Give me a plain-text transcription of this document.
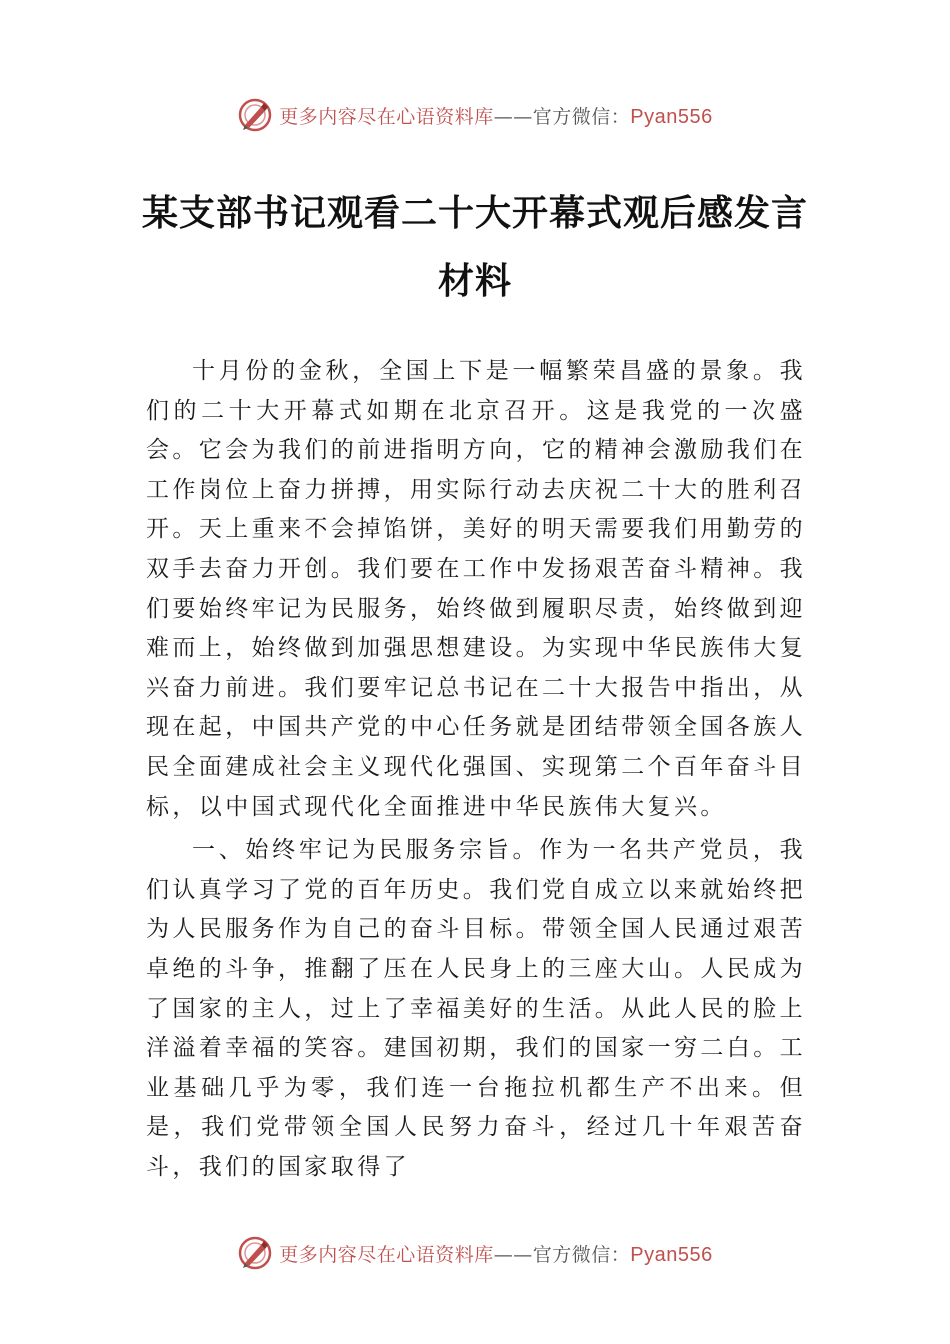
更多内容尽在心语资料库——官方微信：Pyan556
某支部书记观看二十大开幕式观后感发言
材料

十月份的金秋，全国上下是一幅繁荣昌盛的景象。我们的二十大开幕式如期在北京召开。这是我党的一次盛会。它会为我们的前进指明方向，它的精神会激励我们在工作岗位上奋力拼搏，用实际行动去庆祝二十大的胜利召开。天上重来不会掉馅饼，美好的明天需要我们用勤劳的双手去奋力开创。我们要在工作中发扬艰苦奋斗精神。我们要始终牢记为民服务，始终做到履职尽责，始终做到迎难而上，始终做到加强思想建设。为实现中华民族伟大复兴奋力前进。我们要牢记总书记在二十大报告中指出，从现在起，中国共产党的中心任务就是团结带领全国各族人民全面建成社会主义现代化强国、实现第二个百年奋斗目标，以中国式现代化全面推进中华民族伟大复兴。

一、始终牢记为民服务宗旨。作为一名共产党员，我们认真学习了党的百年历史。我们党自成立以来就始终把为人民服务作为自己的奋斗目标。带领全国人民通过艰苦卓绝的斗争，推翻了压在人民身上的三座大山。人民成为了国家的主人，过上了幸福美好的生活。从此人民的脸上洋溢着幸福的笑容。建国初期，我们的国家一穷二白。工业基础几乎为零，我们连一台拖拉机都生产不出来。但是，我们党带领全国人民努力奋斗，经过几十年艰苦奋斗，我们的国家取得了

更多内容尽在心语资料库——官方微信：Pyan556
